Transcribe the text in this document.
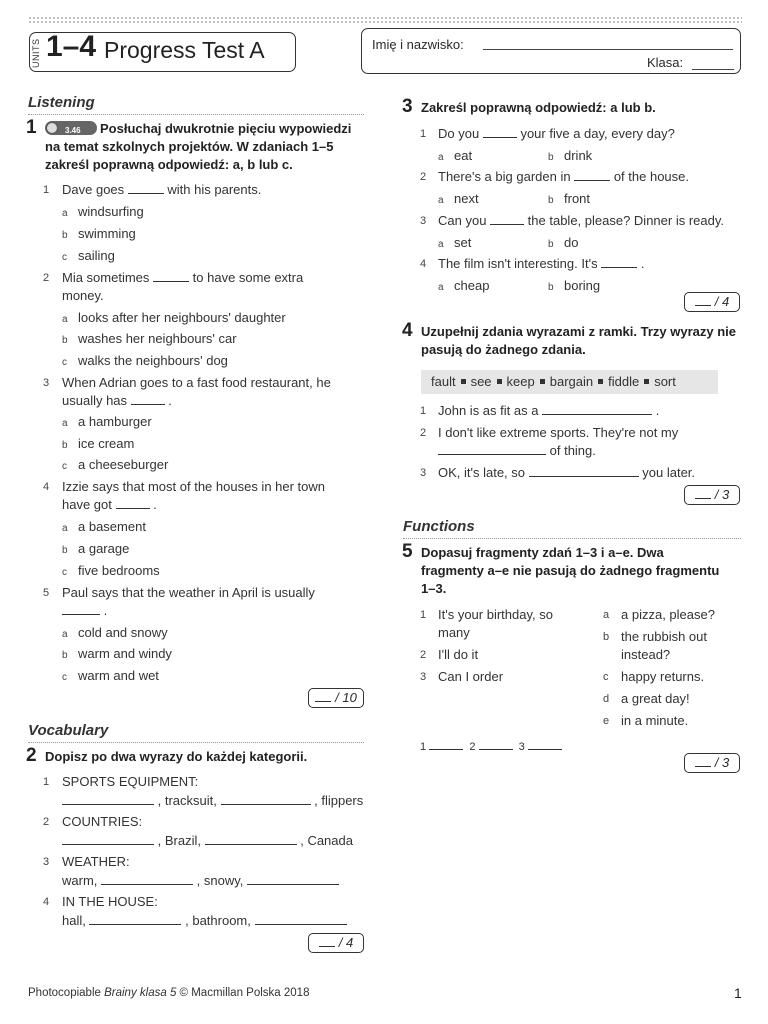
UNITS 1–4 Progress Test A	Imię i nazwisko:
Klasa:
Listening
1	3.46 Posłuchaj dwukrotnie pięciu wypowiedzi na temat szkolnych projektów. W zdaniach 1–5 zakreśl poprawną odpowiedź: a, b lub c.
1 Dave goes	with his parents.
a windsurfing
b swimming
c sailing
2 Mia sometimes	to have some extra money.
a looks after her neighbours' daughter
b washes her neighbours' car
c walks the neighbours' dog
3 When Adrian goes to a fast food restaurant, he usually has	.
a a hamburger
b ice cream
c a cheeseburger
4 Izzie says that most of the houses in her town have got	.
a a basement
b a garage
c five bedrooms
5 Paul says that the weather in April is usually
.
a cold and snowy
b warm and windy
c warm and wet
/ 10
Vocabulary
2 Dopisz po dwa wyrazy do każdej kategorii.
1 SPORTS EQUIPMENT:
, tracksuit,	, flippers
2 COUNTRIES:
, Brazil,	, Canada
3 WEATHER:
warm,	, snowy,
4 IN THE HOUSE:
hall,	, bathroom,
/ 4
3 Zakreśl poprawną odpowiedź: a lub b.
1 Do you	your five a day, every day?
a eat	b drink
2 There's a big garden in	of the house.
a next	b front
3 Can you	the table, please? Dinner is ready.
a set	b do
4 The film isn't interesting. It's	.
a cheap	b boring
/ 4
4 Uzupełnij zdania wyrazami z ramki. Trzy wyrazy nie pasują do żadnego zdania.
fault see keep bargain fiddle sort
1 John is as fit as a	.
2 I don't like extreme sports. They're not my
of thing.
3 OK, it's late, so	you later.
/ 3
Functions
5 Dopasuj fragmenty zdań 1–3 i a–e. Dwa fragmenty a–e nie pasują do żadnego fragmentu 1–3.
1 It's your birthday, so many
2 I'll do it
3 Can I order
a a pizza, please?
b the rubbish out instead?
c happy returns.
d a great day!
e in a minute.
1	2	3
/ 3
Photocopiable Brainy klasa 5 © Macmillan Polska 2018	1
